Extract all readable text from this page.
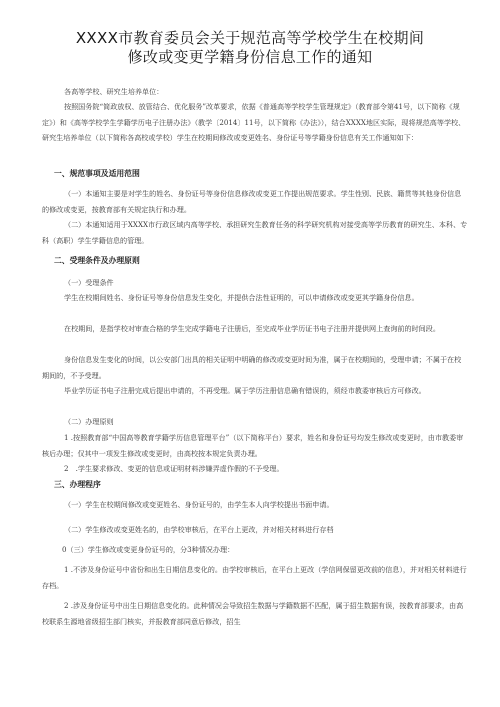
XXXX市教育委员会关于规范高等学校学生在校期间
修改或变更学籍身份信息工作的通知
各高等学校、研究生培养单位：
按照国务院“简政放权、放管结合、优化服务”改革要求，依据《普通高等学校学生管理规定》（教育部令第41号，以下简称《规定》）和《高等学校学生学籍学历电子注册办法》（教学〔2014〕11号，以下简称《办法》），结合XXXX地区实际，现将规范高等学校、研究生培养单位（以下简称各高校或学校）学生在校期间修改或变更姓名、身份证号等学籍身份信息有关工作通知如下：
一、规范事项及适用范围
（一）本通知主要是对学生的姓名、身份证号等身份信息修改或变更工作提出规范要求。学生性别、民族、籍贯等其他身份信息的修改或变更，按教育部有关规定执行和办理。
（二）本通知适用于XXXX市行政区域内高等学校、承担研究生教育任务的科学研究机构对接受高等学历教育的研究生、本科、专科（高职）学生学籍信息的管理。
二、受理条件及办理原则
（一）受理条件
学生在校期间姓名、身份证号等身份信息发生变化，并提供合法性证明的，可以申请修改或变更其学籍身份信息。
在校期间，是指学校对审查合格的学生完成学籍电子注册后，至完成毕业学历证书电子注册并提供网上查询前的时间段。
身份信息发生变化的时间，以公安部门出具的相关证明中明确的修改或变更时间为准，属于在校期间的，受理申请；不属于在校期间的，不予受理。
毕业学历证书电子注册完成后提出申请的，不再受理。属于学历注册信息确有错误的，须经市教委审核后方可修改。
（二）办理原则
1 .按照教育部“中国高等教育学籍学历信息管理平台”（以下简称平台）要求，姓名和身份证号均发生修改或变更时，由市教委审核后办理；仅其中一项发生修改或变更时，由高校按本规定负责办理。
2　.学生要求修改、变更的信息或证明材料涉嫌弄虚作假的不予受理。
三、办理程序
（一）学生在校期间修改或变更姓名、身份证号的，由学生本人向学校提出书面申请。
（二）学生修改或变更姓名的，由学校审核后，在平台上更改，并对相关材料进行存档
0（三）学生修改或变更身份证号的，分3种情况办理：
1 .不涉及身份证号中省份和出生日期信息变化的。由学校审核后，在平台上更改（学信网保留更改前的信息），并对相关材料进行存档。
2 .涉及身份证号中出生日期信息变化的。此种情况会导致招生数据与学籍数据不匹配，属于招生数据有误，按教育部要求，由高校联系生源地省级招生部门核实，并报教育部同意后修改，招生
